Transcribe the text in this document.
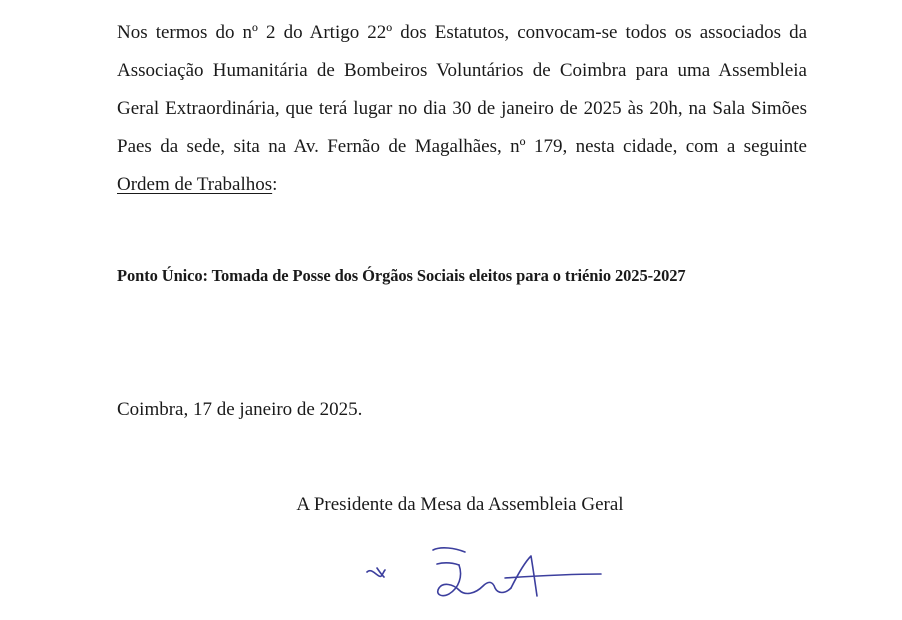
Nos termos do nº 2 do Artigo 22º dos Estatutos, convocam-se todos os associados da Associação Humanitária de Bombeiros Voluntários de Coimbra para uma Assembleia Geral Extraordinária, que terá lugar no dia 30 de janeiro de 2025 às 20h, na Sala Simões Paes da sede, sita na Av. Fernão de Magalhães, nº 179, nesta cidade, com a seguinte Ordem de Trabalhos:

Ponto Único: Tomada de Posse dos Órgãos Sociais eleitos para o triénio 2025-2027

Coimbra, 17 de janeiro de 2025.

A Presidente da Mesa da Assembleia Geral
